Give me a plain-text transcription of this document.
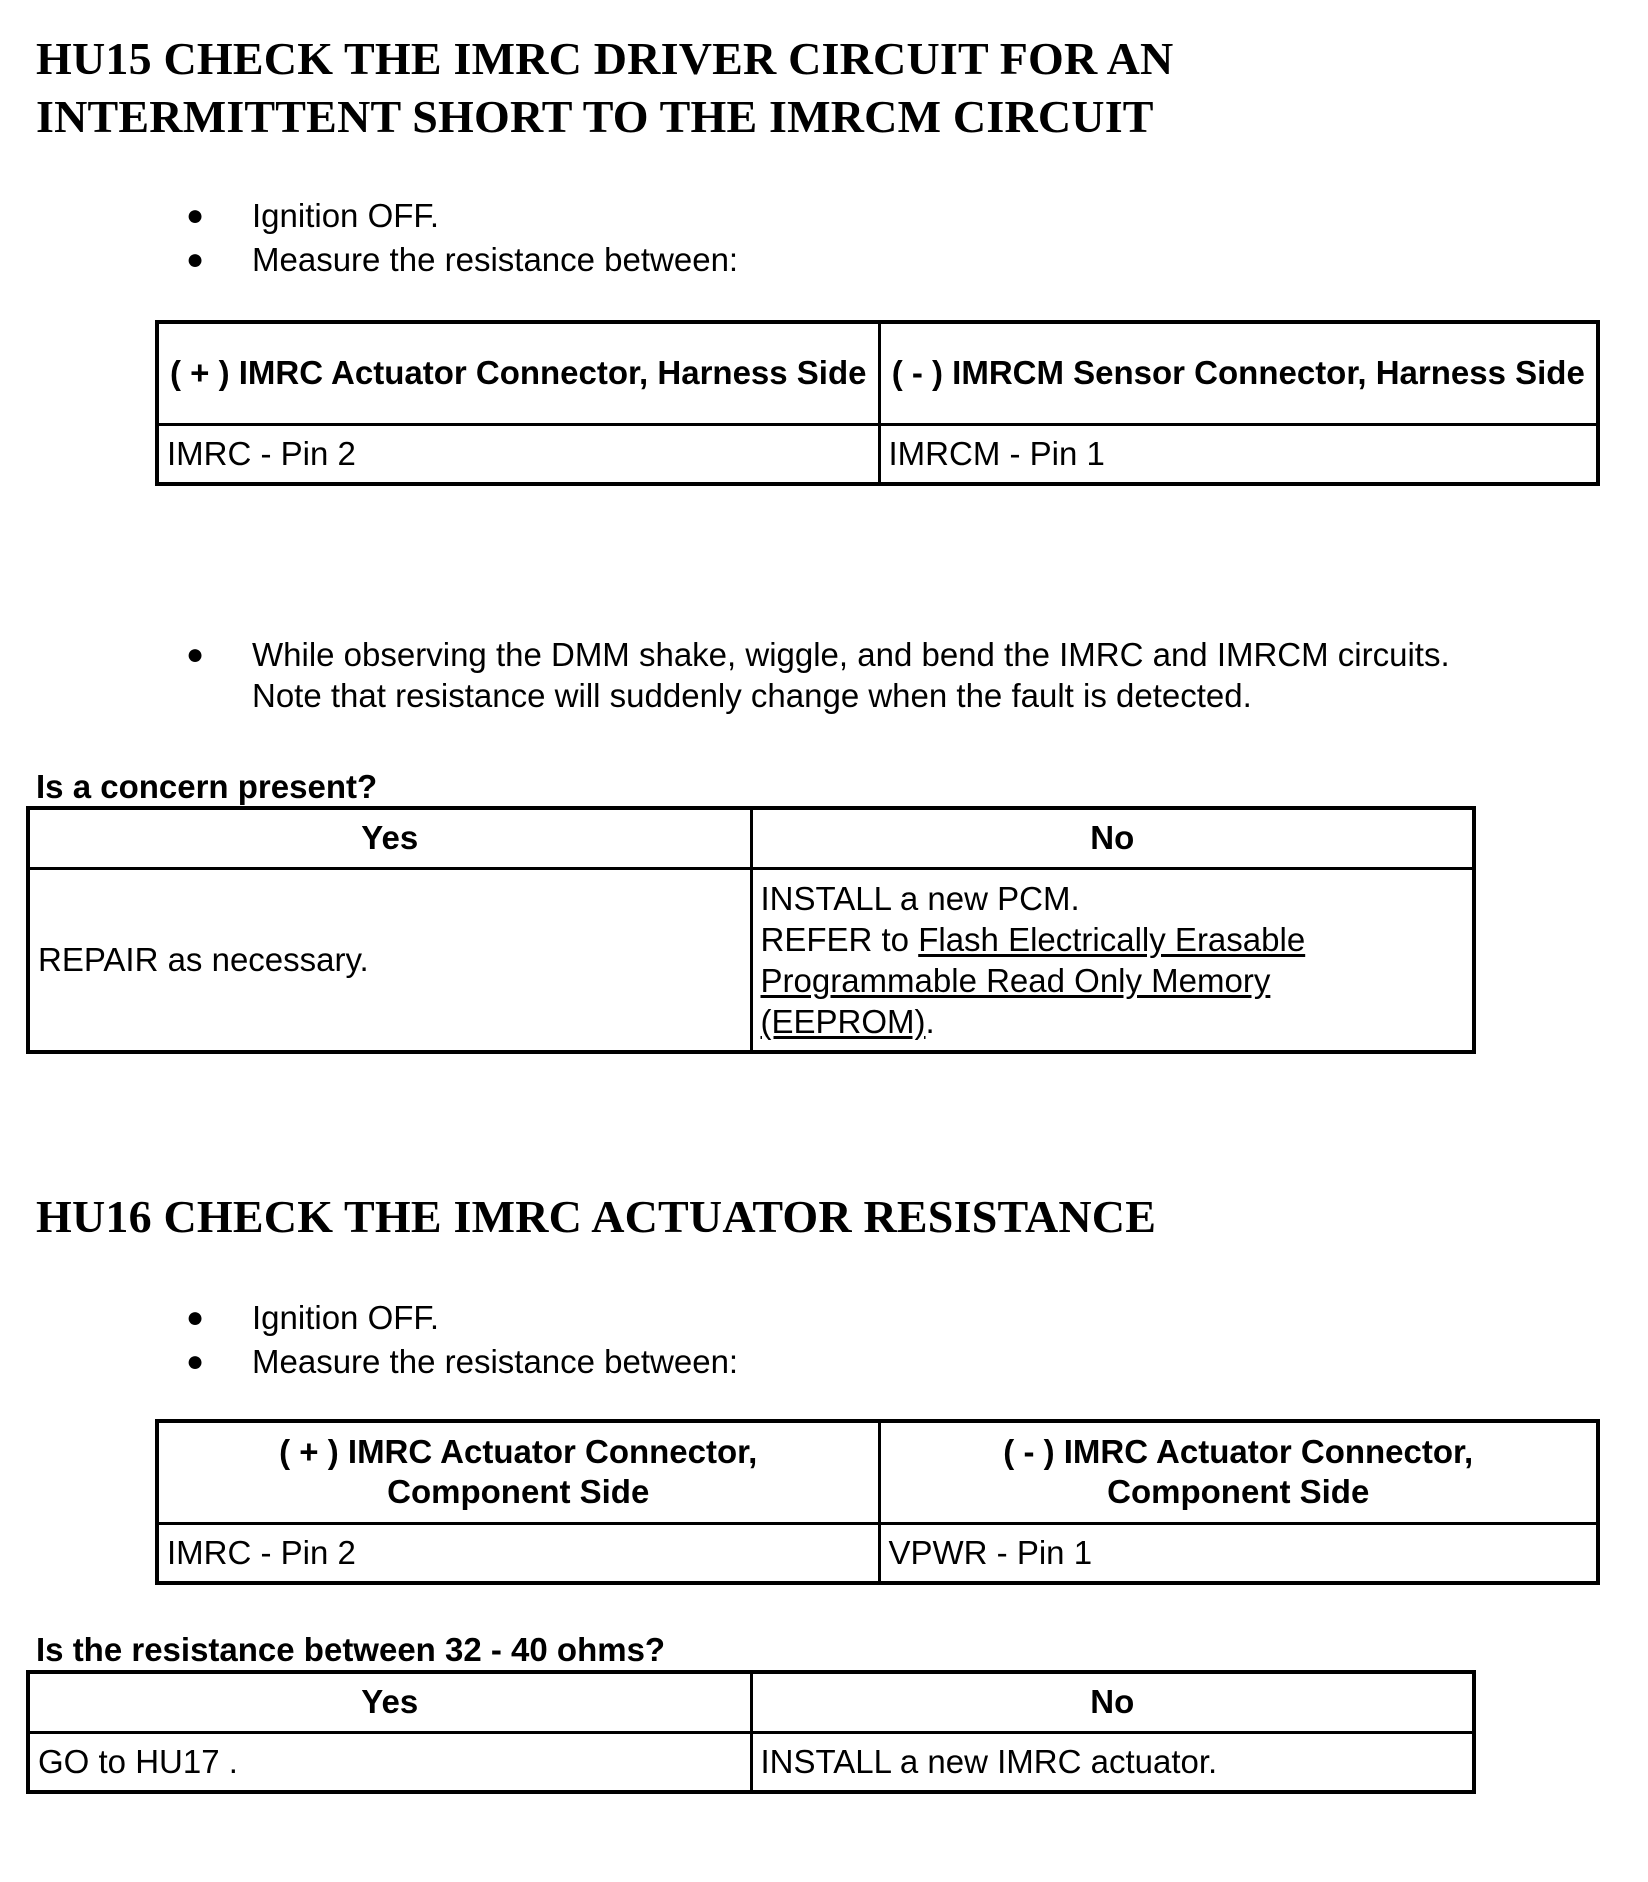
HU15 CHECK THE IMRC DRIVER CIRCUIT FOR AN
INTERMITTENT SHORT TO THE IMRCM CIRCUIT
● Ignition OFF.
● Measure the resistance between:
( + ) IMRC Actuator Connector, Harness Side	( - ) IMRCM Sensor Connector, Harness Side
IMRC - Pin 2	IMRCM - Pin 1
● While observing the DMM shake, wiggle, and bend the IMRC and IMRCM circuits.
Note that resistance will suddenly change when the fault is detected.

Is a concern present?

Yes	No
REPAIR as necessary.	INSTALL a new PCM.
REFER to Flash Electrically Erasable
Programmable Read Only Memory
(EEPROM).
HU16 CHECK THE IMRC ACTUATOR RESISTANCE
● Ignition OFF.
● Measure the resistance between:
( + ) IMRC Actuator Connector,
Component Side	( - ) IMRC Actuator Connector,
Component Side
IMRC - Pin 2	VPWR - Pin 1

Is the resistance between 32 - 40 ohms?

Yes	No
GO to HU17 .	INSTALL a new IMRC actuator.
